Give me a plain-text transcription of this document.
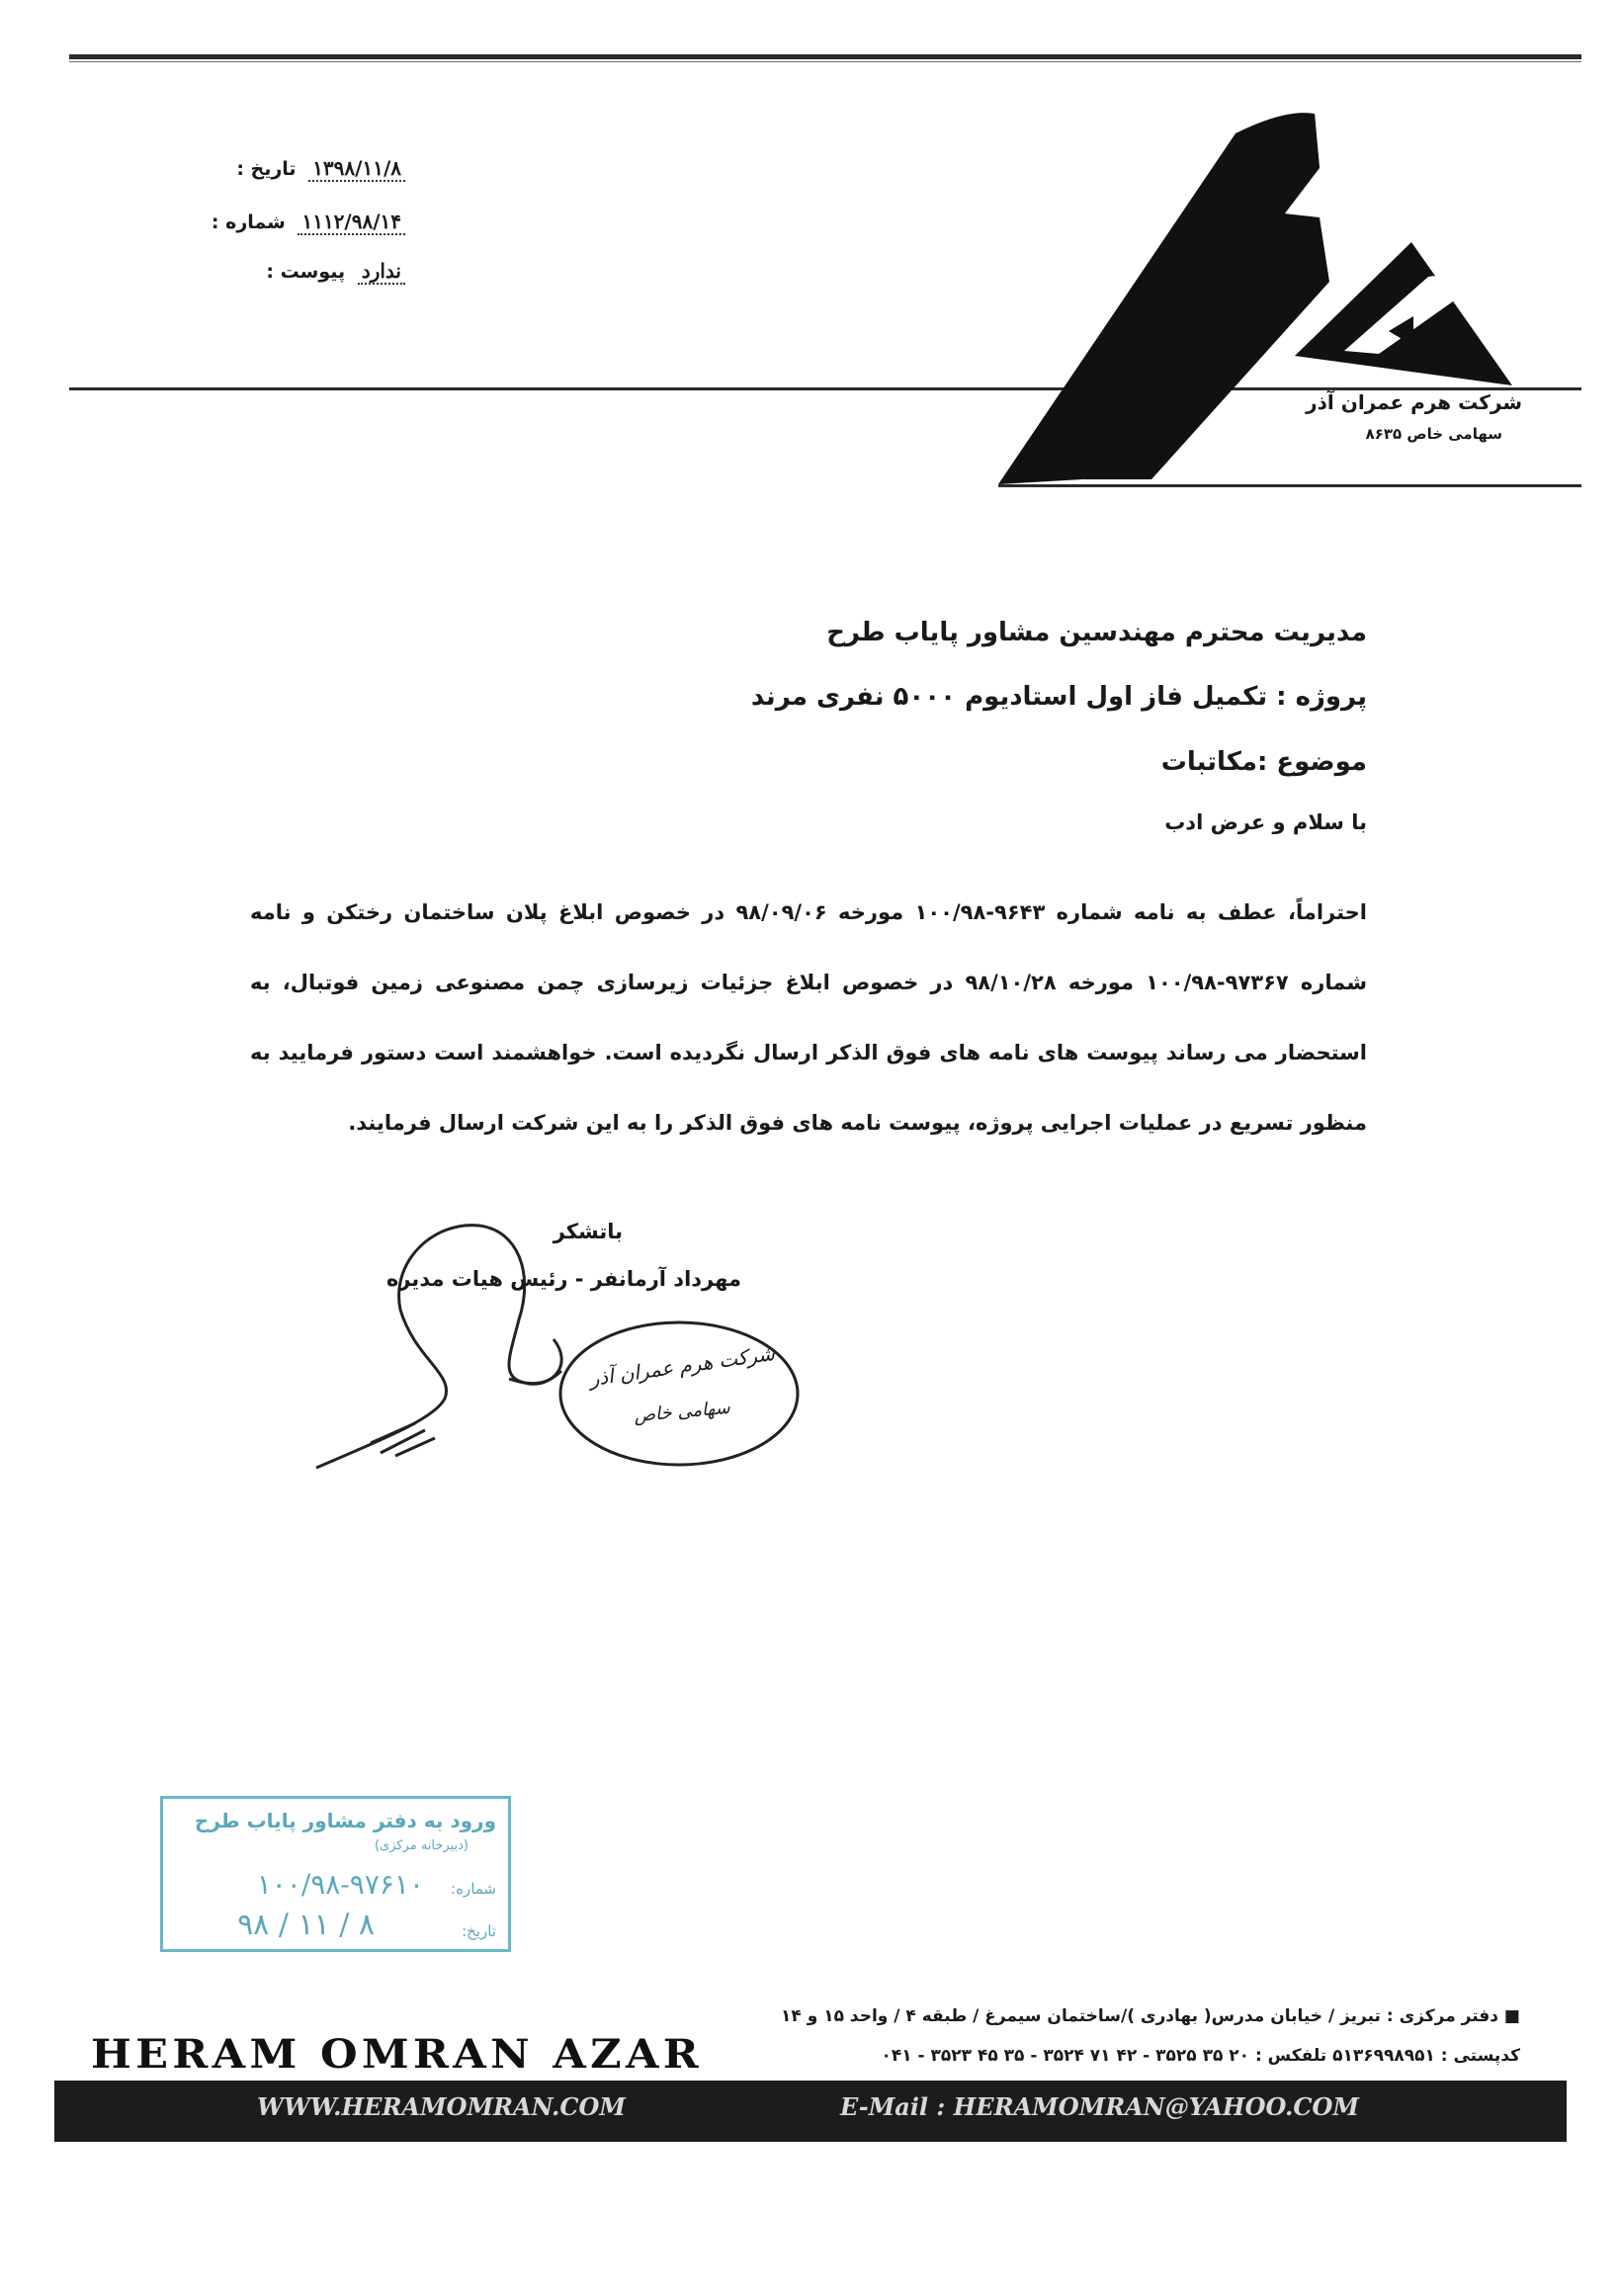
تاریخ : ۱۳۹۸/۱۱/۸
شماره : ۱۱۱۲/۹۸/۱۴
پیوست : ندارد
شرکت هرم عمران آذر
سهامی خاص ۸۶۳۵
مدیریت محترم مهندسین مشاور پایاب طرح
پروژه : تکمیل فاز اول استادیوم ۵۰۰۰ نفری مرند
موضوع :مکاتبات
با سلام و عرض ادب
احتراماً، عطف به نامه شماره ۹۶۴۳-۱۰۰/۹۸ مورخه ۹۸/۰۹/۰۶ در خصوص ابلاغ پلان ساختمان رختکن و نامه شماره ۹۷۳۶۷-۱۰۰/۹۸ مورخه ۹۸/۱۰/۲۸ در خصوص ابلاغ جزئیات زیرسازی چمن مصنوعی زمین فوتبال، به استحضار می رساند پیوست های نامه های فوق الذکر ارسال نگردیده است. خواهشمند است دستور فرمایید به منظور تسریع در عملیات اجرایی پروژه، پیوست نامه های فوق الذکر را به این شرکت ارسال فرمایند.
باتشکر
مهرداد آرمانفر - رئیس هیات مدیره
شرکت هرم عمران آذر
سهامی خاص
ورود به دفتر مشاور پایاب طرح
(دبیرخانه مرکزی)
شماره:
۱۰۰/۹۸-۹۷۶۱۰
تاریخ:
۹۸ / ۱۱ / ۸
HERAM OMRAN AZAR
■ دفتر مرکزی : تبریز / خیابان مدرس( بهادری )/ساختمان سیمرغ / طبقه ۴ / واحد ۱۵ و ۱۴
کدپستی : ۵۱۳۶۹۹۸۹۵۱ تلفکس : ۲۰ ۳۵ ۳۵۲۵ - ۴۲ ۷۱ ۳۵۲۴ - ۳۵ ۴۵ ۳۵۲۳ - ۰۴۱
WWW.HERAMOMRAN.COM	E-Mail : HERAMOMRAN@YAHOO.COM
